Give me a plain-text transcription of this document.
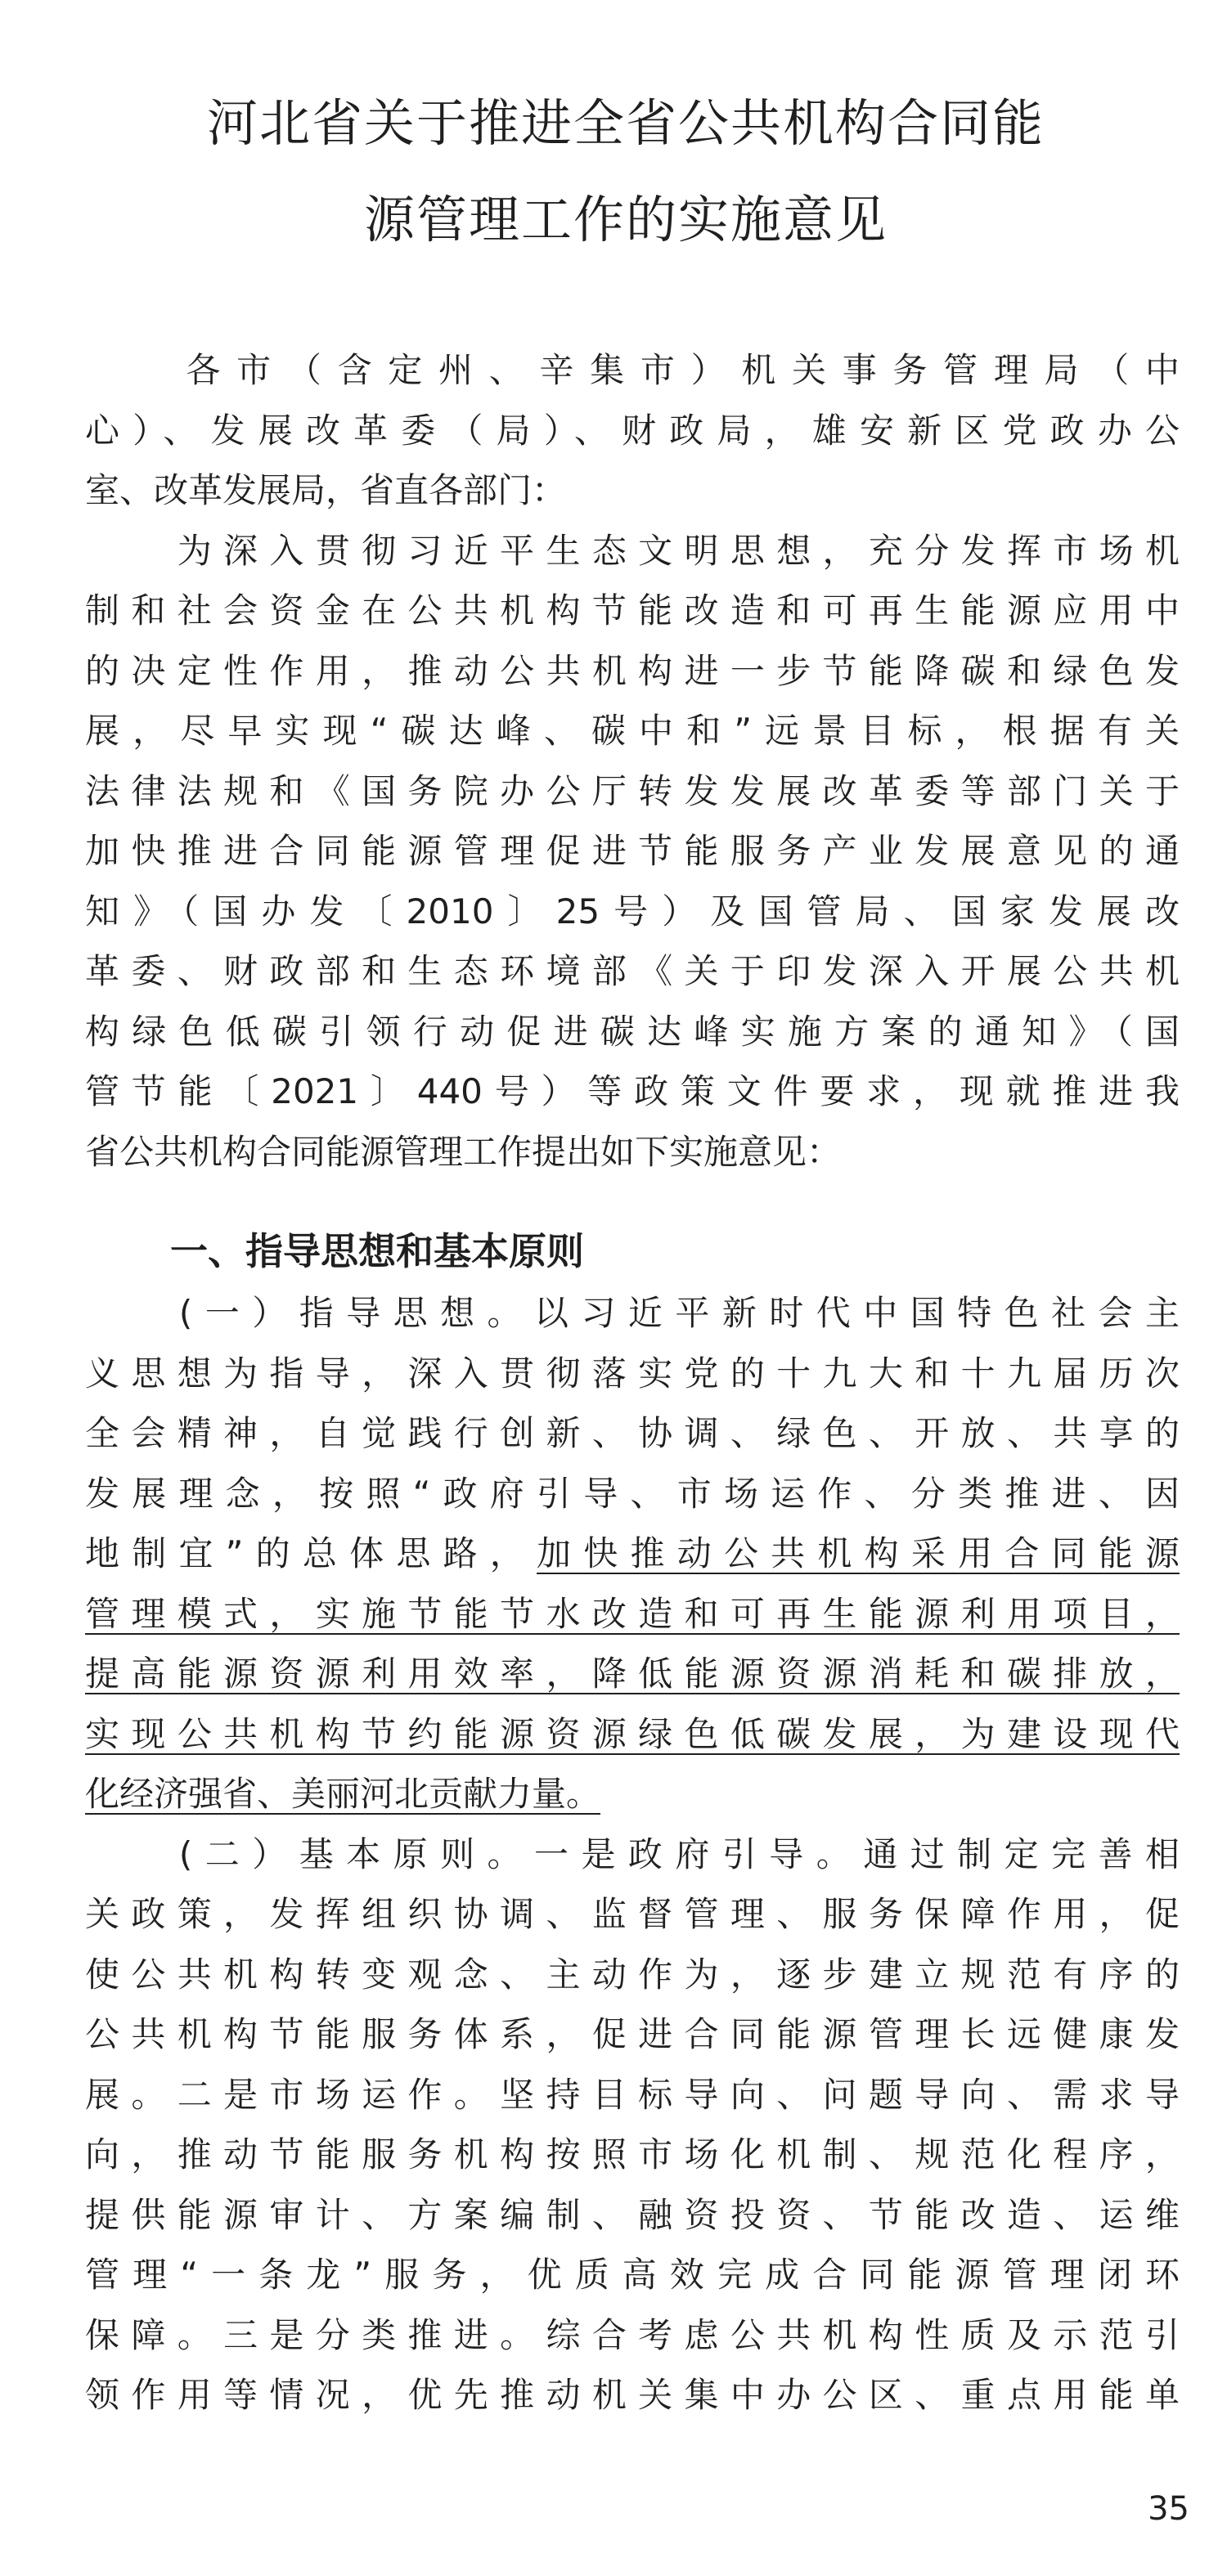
河北省关于推进全省公共机构合同能
源管理工作的实施意见

　　各市（含定州、辛集市）机关事务管理局（中
心）、发展改革委（局）、财政局，雄安新区党政办公
室、改革发展局，省直各部门：

　　为深入贯彻习近平生态文明思想，充分发挥市场机
制和社会资金在公共机构节能改造和可再生能源应用中
的决定性作用，推动公共机构进一步节能降碳和绿色发
展，尽早实现“碳达峰、碳中和”远景目标，根据有关
法律法规和《国务院办公厅转发发展改革委等部门关于
加快推进合同能源管理促进节能服务产业发展意见的通
知》（国办发〔2010〕25号）及国管局、国家发展改
革委、财政部和生态环境部《关于印发深入开展公共机
构绿色低碳引领行动促进碳达峰实施方案的通知》（国
管节能〔2021〕440号）等政策文件要求，现就推进我
省公共机构合同能源管理工作提出如下实施意见：

一、指导思想和基本原则

　　(一）指导思想。以习近平新时代中国特色社会主
义思想为指导，深入贯彻落实党的十九大和十九届历次
全会精神，自觉践行创新、协调、绿色、开放、共享的
发展理念，按照“政府引导、市场运作、分类推进、因
地制宜”的总体思路，加快推动公共机构采用合同能源
管理模式，实施节能节水改造和可再生能源利用项目，
提高能源资源利用效率，降低能源资源消耗和碳排放，
实现公共机构节约能源资源绿色低碳发展，为建设现代
化经济强省、美丽河北贡献力量。

　　(二）基本原则。一是政府引导。通过制定完善相
关政策，发挥组织协调、监督管理、服务保障作用，促
使公共机构转变观念、主动作为，逐步建立规范有序的
公共机构节能服务体系，促进合同能源管理长远健康发
展。二是市场运作。坚持目标导向、问题导向、需求导
向，推动节能服务机构按照市场化机制、规范化程序，
提供能源审计、方案编制、融资投资、节能改造、运维
管理“一条龙”服务，优质高效完成合同能源管理闭环
保障。三是分类推进。综合考虑公共机构性质及示范引
领作用等情况，优先推动机关集中办公区、重点用能单

35
